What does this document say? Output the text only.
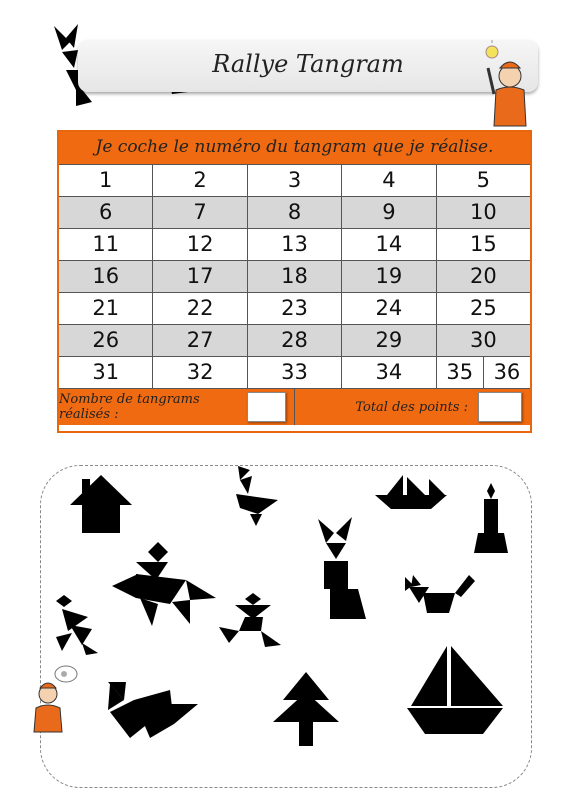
Rallye Tangram
Je coche le numéro du tangram que je réalise.
1	2	3	4	5
6	7	8	9	10
11	12	13	14	15
16	17	18	19	20
21	22	23	24	25
26	27	28	29	30
31	32	33	34	35 36
Nombre de tangrams réalisés :	Total des points :
